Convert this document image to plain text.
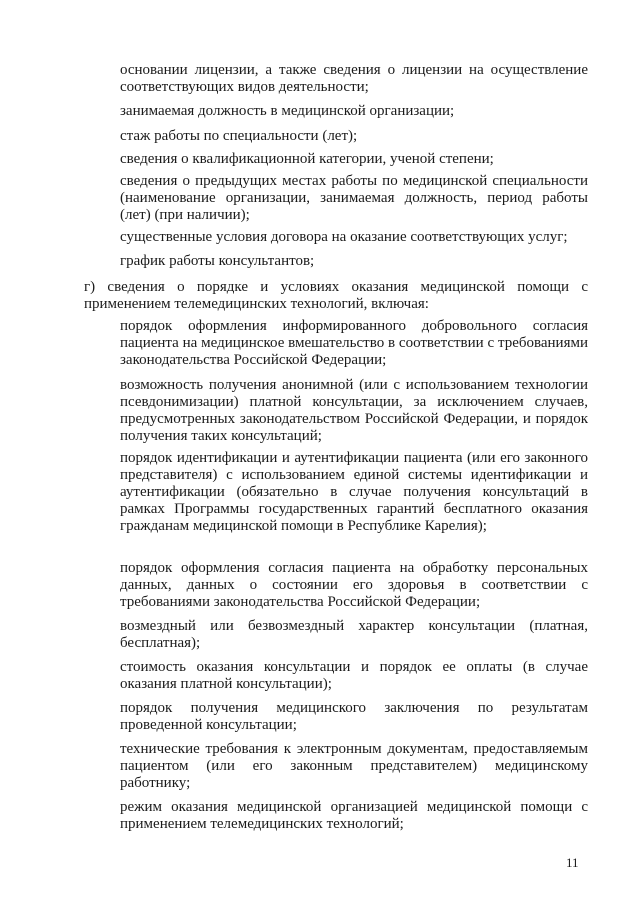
основании лицензии, а также сведения о лицензии на осуществление соответствующих видов деятельности;

занимаемая должность в медицинской организации;

стаж работы по специальности (лет);

сведения о квалификационной категории, ученой степени;

сведения о предыдущих местах работы по медицинской специальности (наименование организации, занимаемая должность, период работы (лет) (при наличии);

существенные условия договора на оказание соответствующих услуг;

график работы консультантов;

г) сведения о порядке и условиях оказания медицинской помощи с применением телемедицинских технологий, включая:

порядок оформления информированного добровольного согласия пациента на медицинское вмешательство в соответствии с требованиями законодательства Российской Федерации;

возможность получения анонимной (или с использованием технологии псевдонимизации) платной консультации, за исключением случаев, предусмотренных законодательством Российской Федерации, и порядок получения таких консультаций;

порядок идентификации и аутентификации пациента (или его законного представителя) с использованием единой системы идентификации и аутентификации (обязательно в случае получения консультаций в рамках Программы государственных гарантий бесплатного оказания гражданам медицинской помощи в Республике Карелия);

порядок оформления согласия пациента на обработку персональных данных, данных о состоянии его здоровья в соответствии с требованиями законодательства Российской Федерации;

возмездный или безвозмездный характер консультации (платная, бесплатная);

стоимость оказания консультации и порядок ее оплаты (в случае оказания платной консультации);

порядок получения медицинского заключения по результатам проведенной консультации;

технические требования к электронным документам, предоставляемым пациентом (или его законным представителем) медицинскому работнику;

режим оказания медицинской организацией медицинской помощи с применением телемедицинских технологий;

11
